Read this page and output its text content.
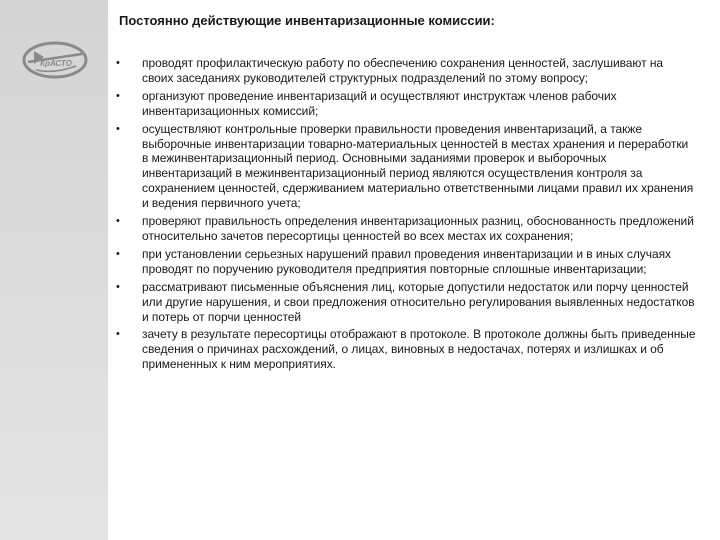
КрАСТО
Постоянно действующие инвентаризационные комиссии:
• проводят профилактическую работу по обеспечению сохранения ценностей, заслушивают на своих заседаниях руководителей структурных подразделений по этому вопросу;
• организуют проведение инвентаризаций и осуществляют инструктаж членов рабочих инвентаризационных комиссий;
• осуществляют контрольные проверки правильности проведения инвентаризаций, а также выборочные инвентаризации товарно-материальных ценностей в местах хранения и переработки в межинвентаризационный период. Основными заданиями проверок и выборочных инвентаризаций в межинвентаризационный период являются осуществления контроля за сохранением ценностей, сдерживанием материально ответственными лицами правил их хранения и ведения первичного учета;
• проверяют правильность определения инвентаризационных разниц, обоснованность предложений относительно зачетов пересортицы ценностей во всех местах их сохранения;
• при установлении серьезных нарушений правил проведения инвентаризации и в иных случаях проводят по поручению руководителя предприятия повторные сплошные инвентаризации;
• рассматривают письменные объяснения лиц, которые допустили недостаток или порчу ценностей или другие нарушения, и свои предложения относительно регулирования выявленных недостатков и потерь от порчи ценностей
• зачету в результате пересортицы отображают в протоколе. В протоколе должны быть приведенные сведения о причинах расхождений, о лицах, виновных в недостачах, потерях и излишках и об примененных к ним мероприятиях.
